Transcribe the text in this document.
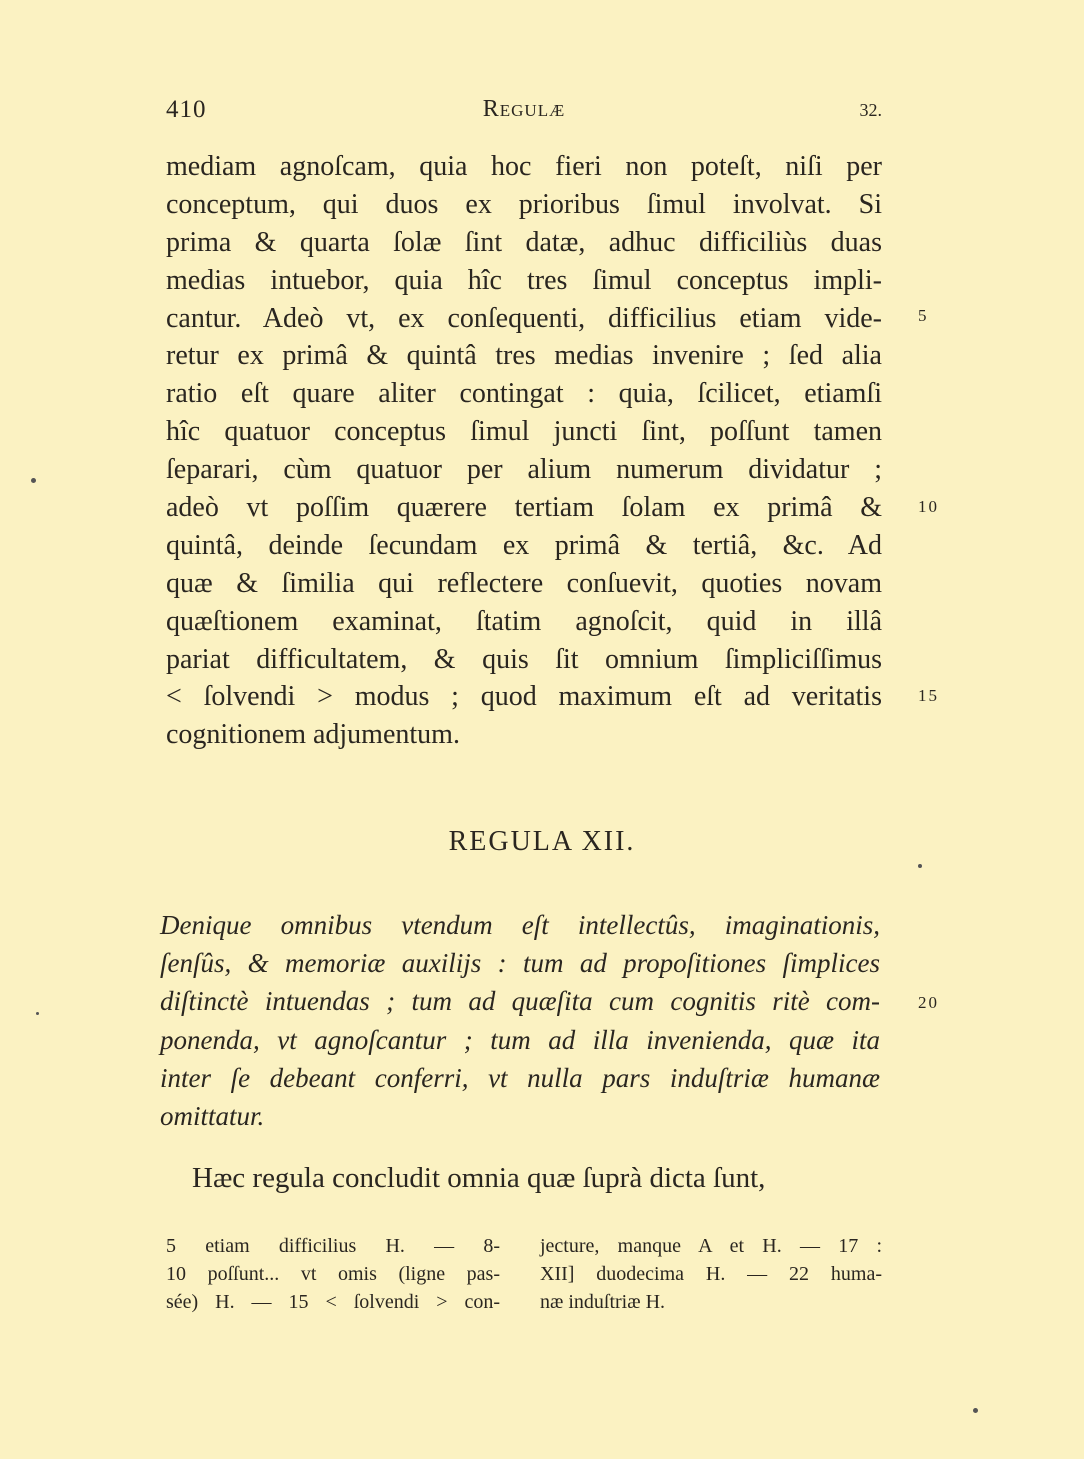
410	Regulæ	32.
mediam agnoſcam, quia hoc fieri non poteſt, niſi per
conceptum, qui duos ex prioribus ſimul involvat. Si
prima & quarta ſolæ ſint datæ, adhuc difficiliùs duas
medias intuebor, quia hîc tres ſimul conceptus impli-
cantur. Adeò vt, ex conſequenti, difficilius etiam vide-
retur ex primâ & quintâ tres medias invenire ; ſed alia
ratio eſt quare aliter contingat : quia, ſcilicet, etiamſi
hîc quatuor conceptus ſimul juncti ſint, poſſunt tamen
ſeparari, cùm quatuor per alium numerum dividatur ;
adeò vt poſſim quærere tertiam ſolam ex primâ &
quintâ, deinde ſecundam ex primâ & tertiâ, &c. Ad
quæ & ſimilia qui reflectere conſuevit, quoties novam
quæſtionem examinat, ſtatim agnoſcit, quid in illâ
pariat difficultatem, & quis ſit omnium ſimpliciſſimus
< ſolvendi > modus ; quod maximum eſt ad veritatis
cognitionem adjumentum.
5
10
15
20
REGULA XII.
Denique omnibus vtendum eſt intellectûs, imaginationis,
ſenſûs, & memoriæ auxilijs : tum ad propoſitiones ſimplices
diſtinctè intuendas ; tum ad quæſita cum cognitis ritè com-
ponenda, vt agnoſcantur ; tum ad illa invenienda, quæ ita
inter ſe debeant conferri, vt nulla pars induſtriæ humanæ
omittatur.
Hæc regula concludit omnia quæ ſuprà dicta ſunt,
5 etiam difficilius H. — 8-
10 poſſunt... vt omis (ligne pas-
sée) H. — 15 < ſolvendi > con-
jecture, manque A et H. — 17 :
XII] duodecima H. — 22 huma-
næ induſtriæ H.
